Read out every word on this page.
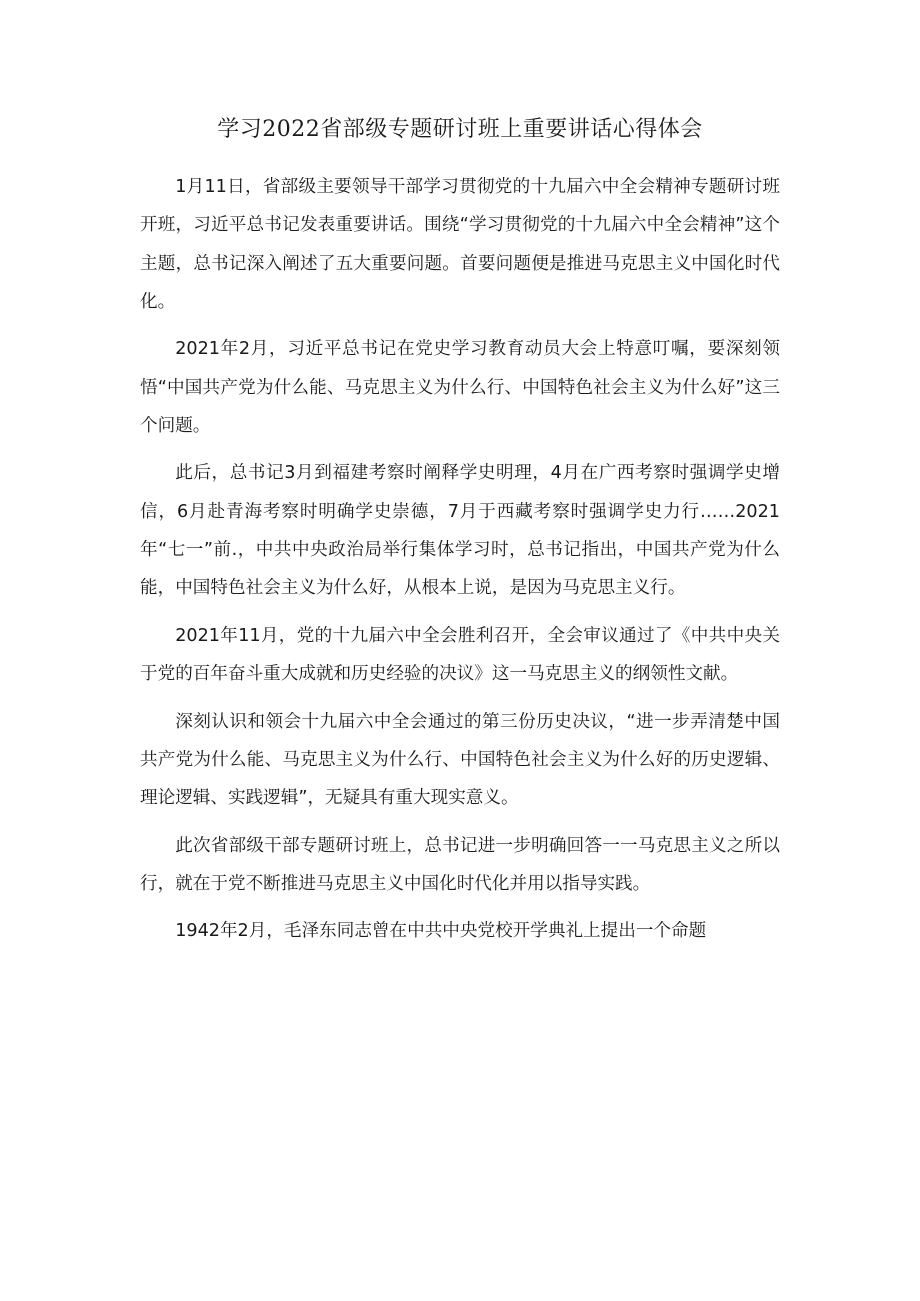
学习2022省部级专题研讨班上重要讲话心得体会

1月11日，省部级主要领导干部学习贯彻党的十九届六中全会精神专题研讨班开班，习近平总书记发表重要讲话。围绕“学习贯彻党的十九届六中全会精神”这个主题，总书记深入阐述了五大重要问题。首要问题便是推进马克思主义中国化时代化。

2021年2月，习近平总书记在党史学习教育动员大会上特意叮嘱，要深刻领悟“中国共产党为什么能、马克思主义为什么行、中国特色社会主义为什么好”这三个问题。

此后，总书记3月到福建考察时阐释学史明理，4月在广西考察时强调学史增信，6月赴青海考察时明确学史崇德，7月于西藏考察时强调学史力行……2021年“七一”前.，中共中央政治局举行集体学习时，总书记指出，中国共产党为什么能，中国特色社会主义为什么好，从根本上说，是因为马克思主义行。

2021年11月，党的十九届六中全会胜利召开，全会审议通过了《中共中央关于党的百年奋斗重大成就和历史经验的决议》这一马克思主义的纲领性文献。

深刻认识和领会十九届六中全会通过的第三份历史决议，“进一步弄清楚中国共产党为什么能、马克思主义为什么行、中国特色社会主义为什么好的历史逻辑、理论逻辑、实践逻辑”，无疑具有重大现实意义。

此次省部级干部专题研讨班上，总书记进一步明确回答一一马克思主义之所以行，就在于党不断推进马克思主义中国化时代化并用以指导实践。

1942年2月，毛泽东同志曾在中共中央党校开学典礼上提出一个命题
